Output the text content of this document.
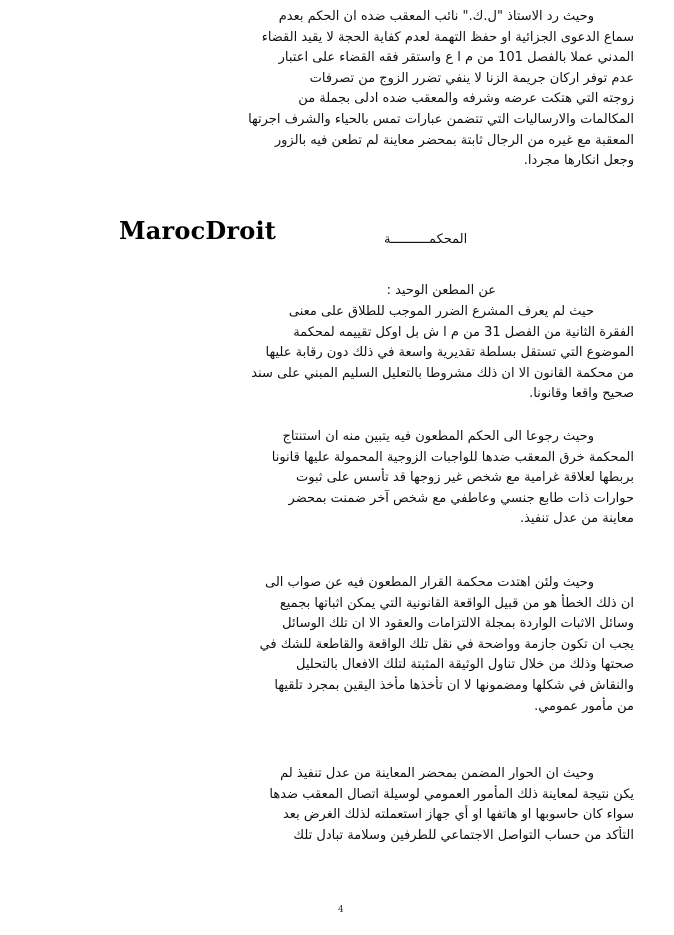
وحيث رد الاستاذ "ل.ك." نائب المعقب ضده ان الحكم بعدم
سماع الدعوى الجزائية او حفظ التهمة لعدم كفاية الحجة لا يقيد القضاء
المدني عملا بالفصل 101 من م ا ع واستقر فقه القضاء على اعتبار
عدم توفر اركان جريمة الزنا لا ينفي تضرر الزوج من تصرفات
زوجته التي هتكت عرضه وشرفه والمعقب ضده ادلى بجملة من
المكالمات والارساليات التي تتضمن عبارات تمس بالحياء والشرف اجرتها
المعقبة مع غيره من الرجال ثابتة بمحضر معاينة لم تطعن فيه بالزور
وجعل انكارها مجردا.
MarocDroit	المحكمــــــــــة
عن المطعن الوحيد :
حيث لم يعرف المشرع الضرر الموجب للطلاق على معنى
الفقرة الثانية من الفصل 31 من م ا ش بل اوكل تقييمه لمحكمة
الموضوع التي تستقل بسلطة تقديرية واسعة في ذلك دون رقابة عليها
من محكمة القانون الا ان ذلك مشروطا بالتعليل السليم المبني على سند
صحيح واقعا وقانونا.
وحيث رجوعا الى الحكم المطعون فيه يتبين منه ان استنتاج
المحكمة خرق المعقب ضدها للواجبات الزوجية المحمولة عليها قانونا
بربطها لعلاقة غرامية مع شخص غير زوجها قد تأسس على ثبوت
حوارات ذات طابع جنسي وعاطفي مع شخص آخر ضمنت بمحضر
معاينة من عدل تنفيذ.
وحيث ولئن اهتدت محكمة القرار المطعون فيه عن صواب الى
ان ذلك الخطأ هو من قبيل الواقعة القانونية التي يمكن اثباتها بجميع
وسائل الاثبات الواردة بمجلة الالتزامات والعقود الا ان تلك الوسائل
يجب ان تكون جازمة وواضحة في نقل تلك الواقعة والقاطعة للشك في
صحتها وذلك من خلال تناول الوثيقة المثبتة لتلك الافعال بالتحليل
والنقاش في شكلها ومضمونها لا ان تأخذها مأخذ اليقين بمجرد تلقيها
من مأمور عمومي.
وحيث ان الحوار المضمن بمحضر المعاينة من عدل تنفيذ لم
يكن نتيجة لمعاينة ذلك المأمور العمومي لوسيلة اتصال المعقب ضدها
سواء كان حاسوبها او هاتفها او أي جهاز استعملته لذلك الغرض بعد
التأكد من حساب التواصل الاجتماعي للطرفين وسلامة تبادل تلك
4
